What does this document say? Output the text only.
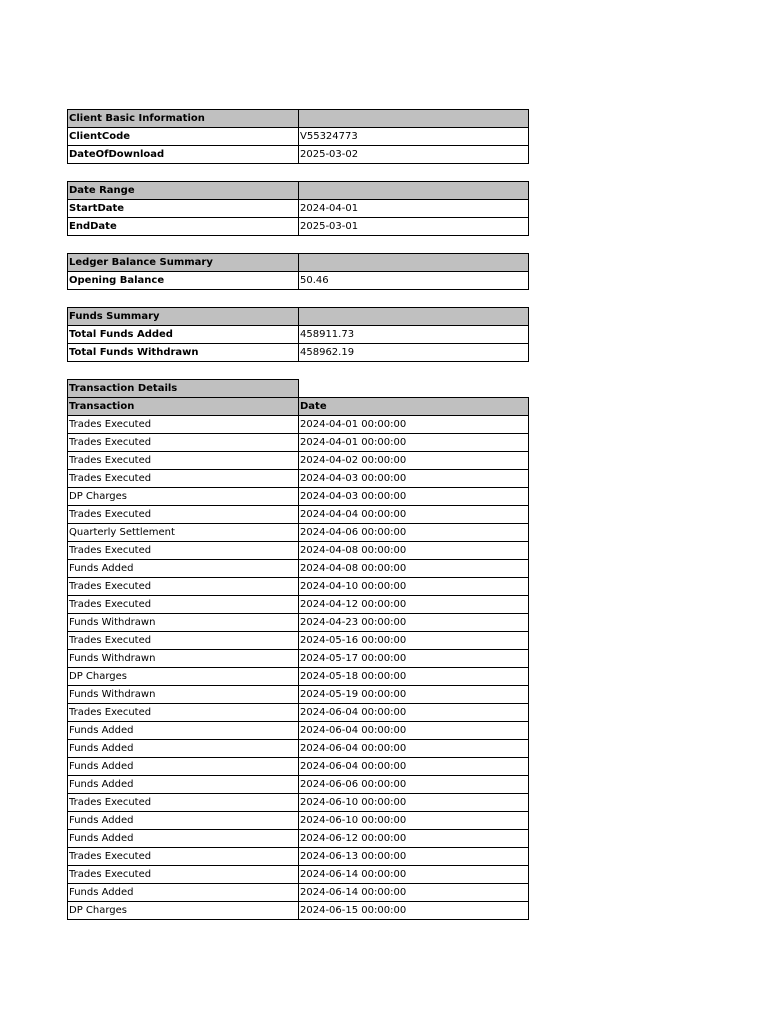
Client Basic Information	
ClientCode	V55324773
DateOfDownload	2025-03-02
Date Range	
StartDate	2024-04-01
EndDate	2025-03-01
Ledger Balance Summary	
Opening Balance	50.46
Funds Summary	
Total Funds Added	458911.73
Total Funds Withdrawn	458962.19
Transaction Details	
Transaction	Date
Trades Executed	2024-04-01 00:00:00
Trades Executed	2024-04-01 00:00:00
Trades Executed	2024-04-02 00:00:00
Trades Executed	2024-04-03 00:00:00
DP Charges	2024-04-03 00:00:00
Trades Executed	2024-04-04 00:00:00
Quarterly Settlement	2024-04-06 00:00:00
Trades Executed	2024-04-08 00:00:00
Funds Added	2024-04-08 00:00:00
Trades Executed	2024-04-10 00:00:00
Trades Executed	2024-04-12 00:00:00
Funds Withdrawn	2024-04-23 00:00:00
Trades Executed	2024-05-16 00:00:00
Funds Withdrawn	2024-05-17 00:00:00
DP Charges	2024-05-18 00:00:00
Funds Withdrawn	2024-05-19 00:00:00
Trades Executed	2024-06-04 00:00:00
Funds Added	2024-06-04 00:00:00
Funds Added	2024-06-04 00:00:00
Funds Added	2024-06-04 00:00:00
Funds Added	2024-06-06 00:00:00
Trades Executed	2024-06-10 00:00:00
Funds Added	2024-06-10 00:00:00
Funds Added	2024-06-12 00:00:00
Trades Executed	2024-06-13 00:00:00
Trades Executed	2024-06-14 00:00:00
Funds Added	2024-06-14 00:00:00
DP Charges	2024-06-15 00:00:00
